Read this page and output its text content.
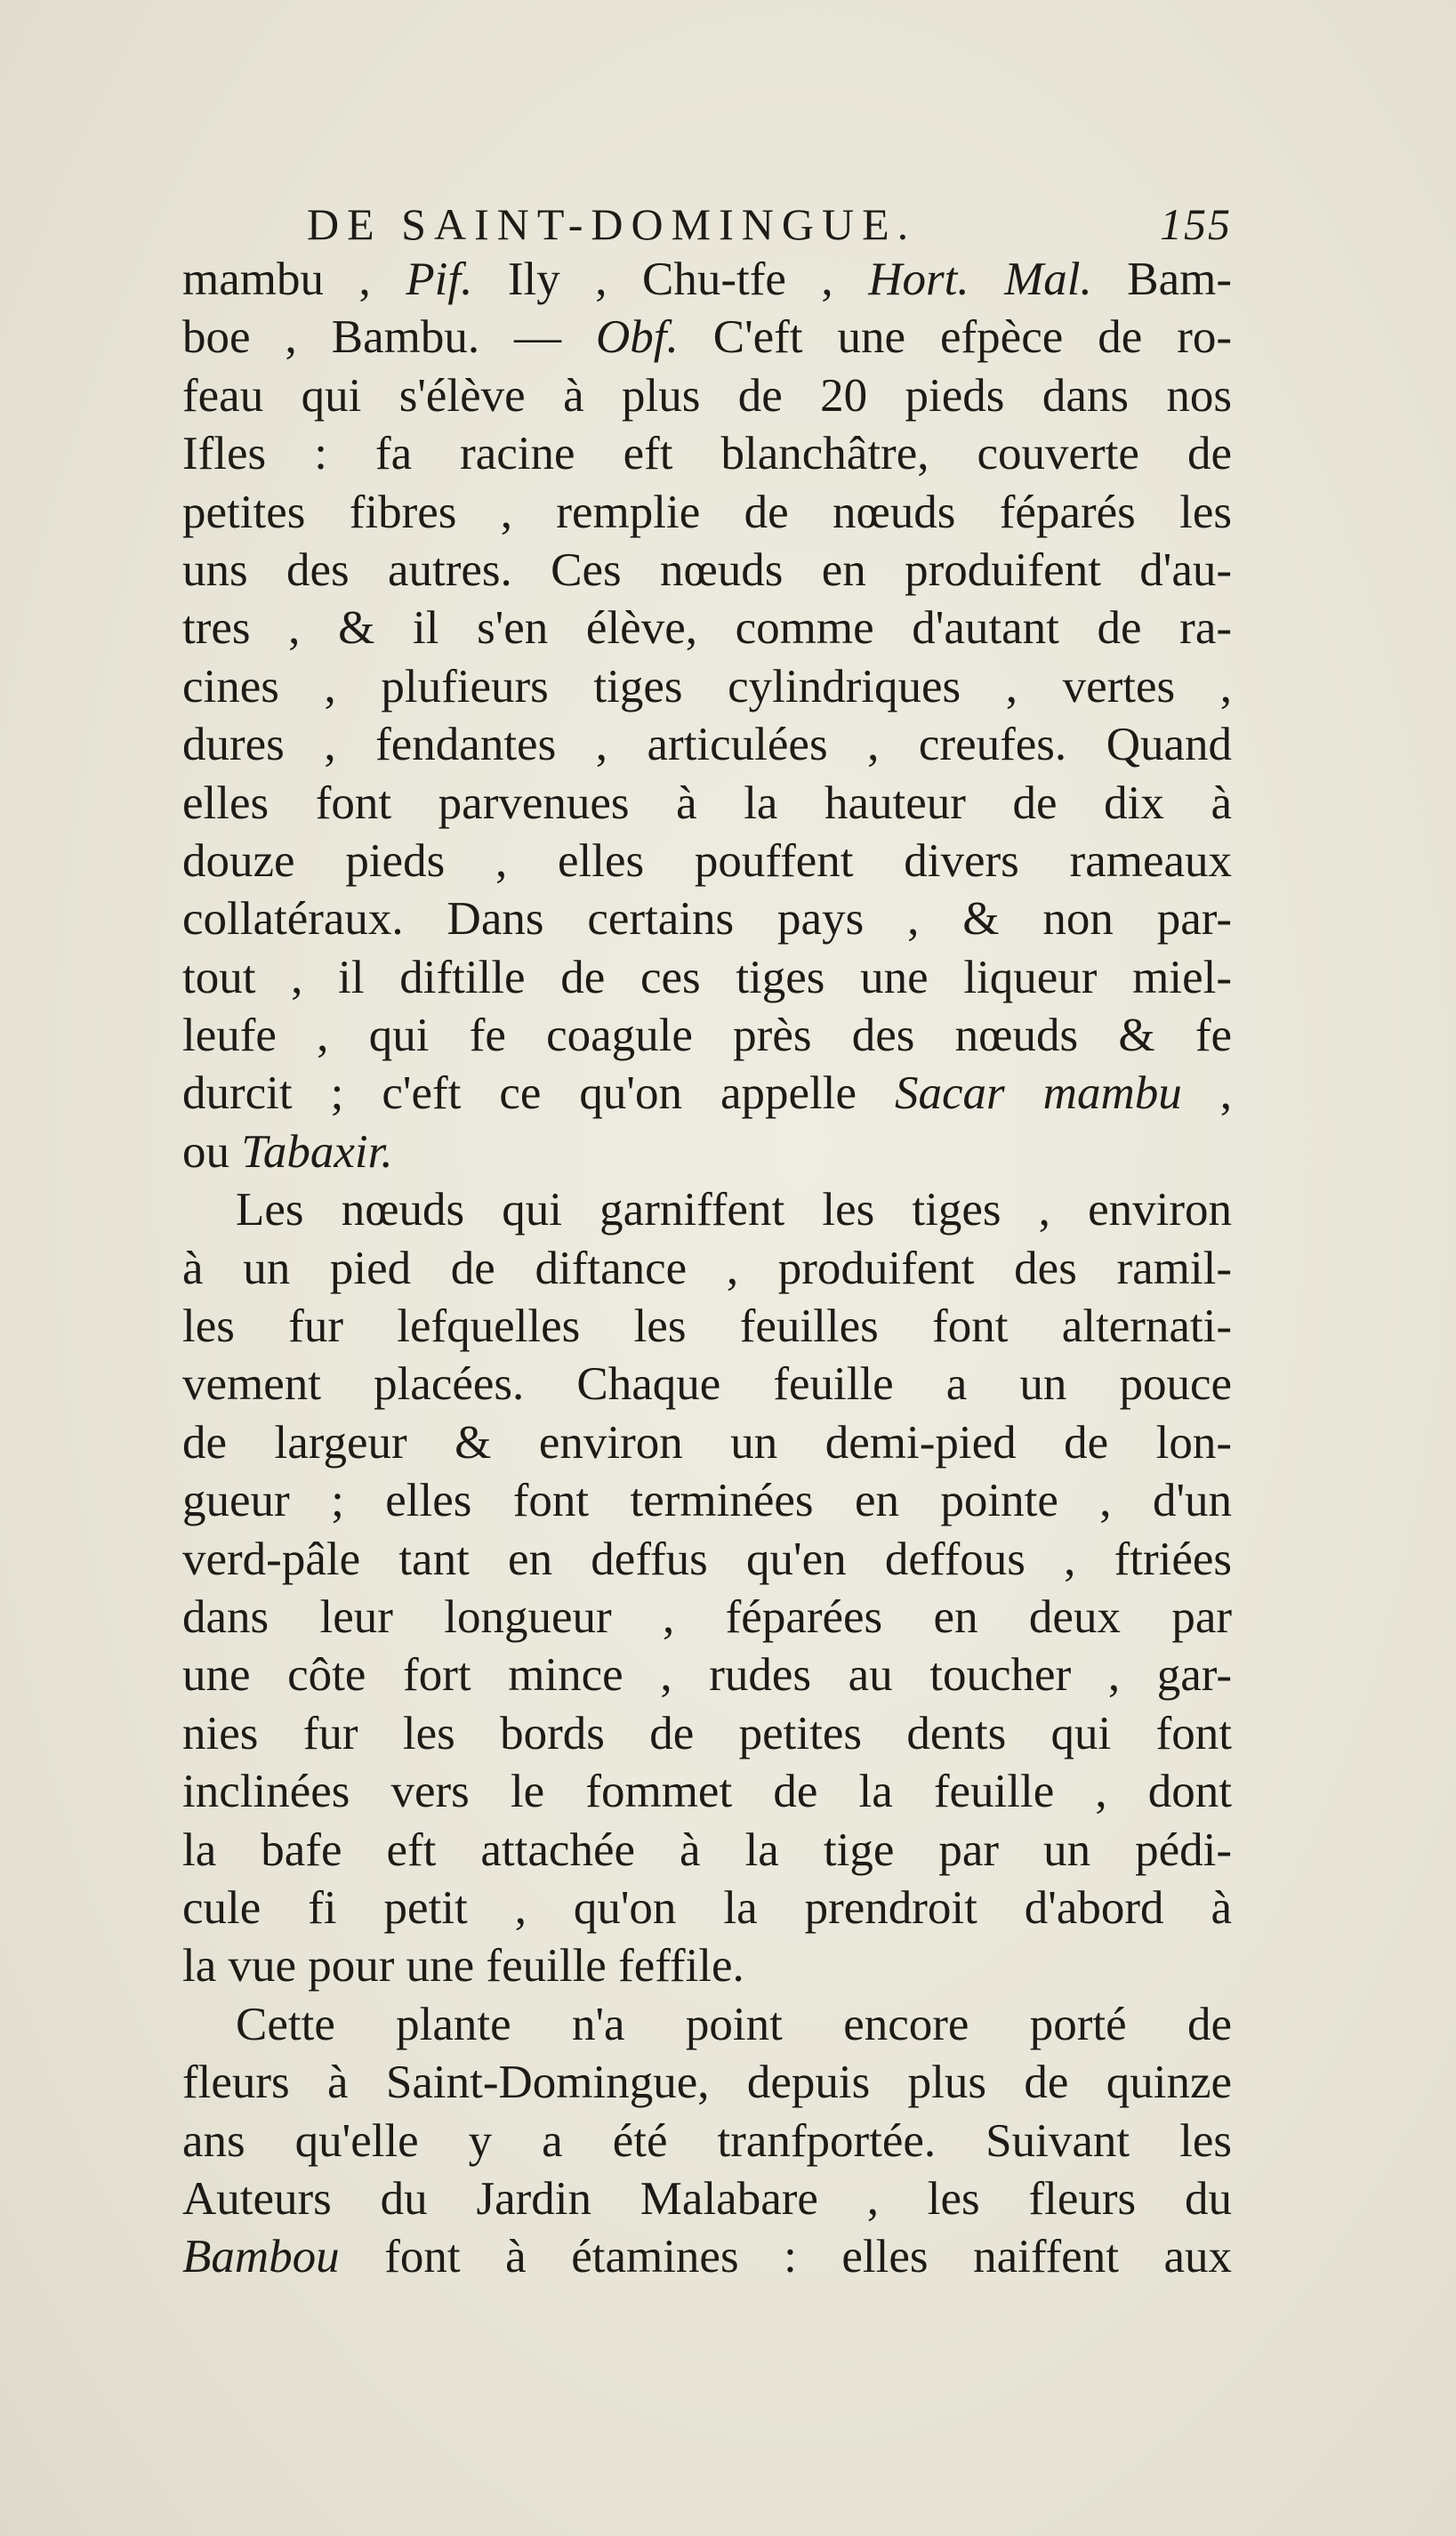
DE SAINT-DOMINGUE.	155
mambu , Pif. Ily , Chu-tfe , Hort. Mal. Bam-
boe , Bambu. — Obf. C'eft une efpèce de ro-
feau qui s'élève à plus de 20 pieds dans nos
Ifles : fa racine eft blanchâtre, couverte de
petites fibres , remplie de nœuds féparés les
uns des autres. Ces nœuds en produifent d'au-
tres , & il s'en élève, comme d'autant de ra-
cines , plufieurs tiges cylindriques , vertes ,
dures , fendantes , articulées , creufes. Quand
elles font parvenues à la hauteur de dix à
douze pieds , elles pouffent divers rameaux
collatéraux. Dans certains pays , & non par-
tout , il diftille de ces tiges une liqueur miel-
leufe , qui fe coagule près des nœuds & fe
durcit ; c'eft ce qu'on appelle Sacar mambu ,
ou Tabaxir.
Les nœuds qui garniffent les tiges , environ
à un pied de diftance , produifent des ramil-
les fur lefquelles les feuilles font alternati-
vement placées. Chaque feuille a un pouce
de largeur & environ un demi-pied de lon-
gueur ; elles font terminées en pointe , d'un
verd-pâle tant en deffus qu'en deffous , ftriées
dans leur longueur , féparées en deux par
une côte fort mince , rudes au toucher , gar-
nies fur les bords de petites dents qui font
inclinées vers le fommet de la feuille , dont
la bafe eft attachée à la tige par un pédi-
cule fi petit , qu'on la prendroit d'abord à
la vue pour une feuille feffile.
Cette plante n'a point encore porté de
fleurs à Saint-Domingue, depuis plus de quinze
ans qu'elle y a été tranfportée. Suivant les
Auteurs du Jardin Malabare , les fleurs du
Bambou font à étamines : elles naiffent aux
